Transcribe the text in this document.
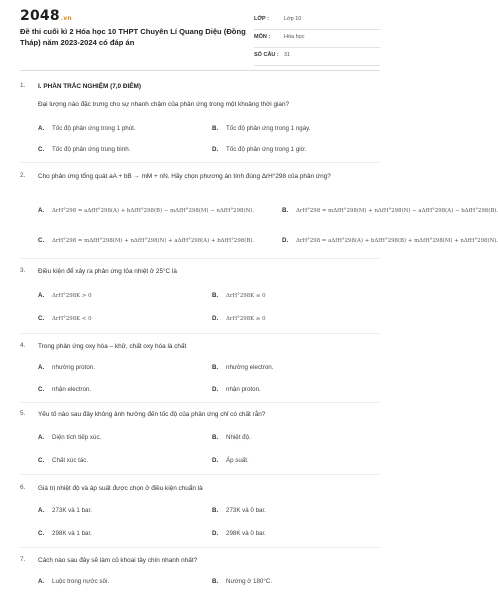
2048.vn
Đề thi cuối kì 2 Hóa học 10 THPT Chuyên Lí Quang Diệu (Đồng Tháp) năm 2023-2024 có đáp án
LỚP :	Lớp 10
MÔN :	Hóa học
SỐ CÂU : 31
1. I. PHẦN TRẮC NGHIỆM (7,0 ĐIỂM)
Đại lượng nào đặc trưng cho sự nhanh chậm của phản ứng trong một khoảng thời gian?
A. Tốc độ phản ứng trong 1 phút.	B. Tốc độ phản ứng trong 1 ngày.
C. Tốc độ phản ứng trung bình.	D. Tốc độ phản ứng trong 1 giờ.
2. Cho phản ứng tổng quát aA + bB → mM + nN. Hãy chọn phương án tính đúng ΔrH°298 của phản ứng?
A. ΔrH°298 = aΔfH°298(A) + bΔfH°298(B) − mΔfH°298(M) − nΔfH°298(N).	B. ΔrH°298 = mΔfH°298(M) + nΔfH°298(N) − aΔfH°298(A) − bΔfH°298(B).
C. ΔrH°298 = mΔfH°298(M) + nΔfH°298(N) + aΔfH°298(A) + bΔfH°298(B).	D. ΔrH°298 = aΔfH°298(A) + bΔfH°298(B) + mΔfH°298(M) + nΔfH°298(N).
3. Điều kiện để xảy ra phản ứng tỏa nhiệt ở 25°C là
A. ΔrH°298K > 0	B. ΔrH°298K ≤ 0
C. ΔrH°298K < 0	D. ΔrH°298K ≥ 0
4. Trong phản ứng oxy hóa – khử, chất oxy hóa là chất
A. nhường proton.	B. nhường electron.
C. nhận electron.	D. nhận proton.
5. Yếu tố nào sau đây không ảnh hưởng đến tốc độ của phản ứng chỉ có chất rắn?
A. Diện tích tiếp xúc.	B. Nhiệt độ.
C. Chất xúc tác.	D. Áp suất.
6. Giá trị nhiệt độ và áp suất được chọn ở điều kiện chuẩn là
A. 273K và 1 bar.	B. 273K và 0 bar.
C. 298K và 1 bar.	D. 298K và 0 bar.
7. Cách nào sau đây sẽ làm củ khoai tây chín nhanh nhất?
A. Luộc trong nước sôi.	B. Nướng ở 180°C.
